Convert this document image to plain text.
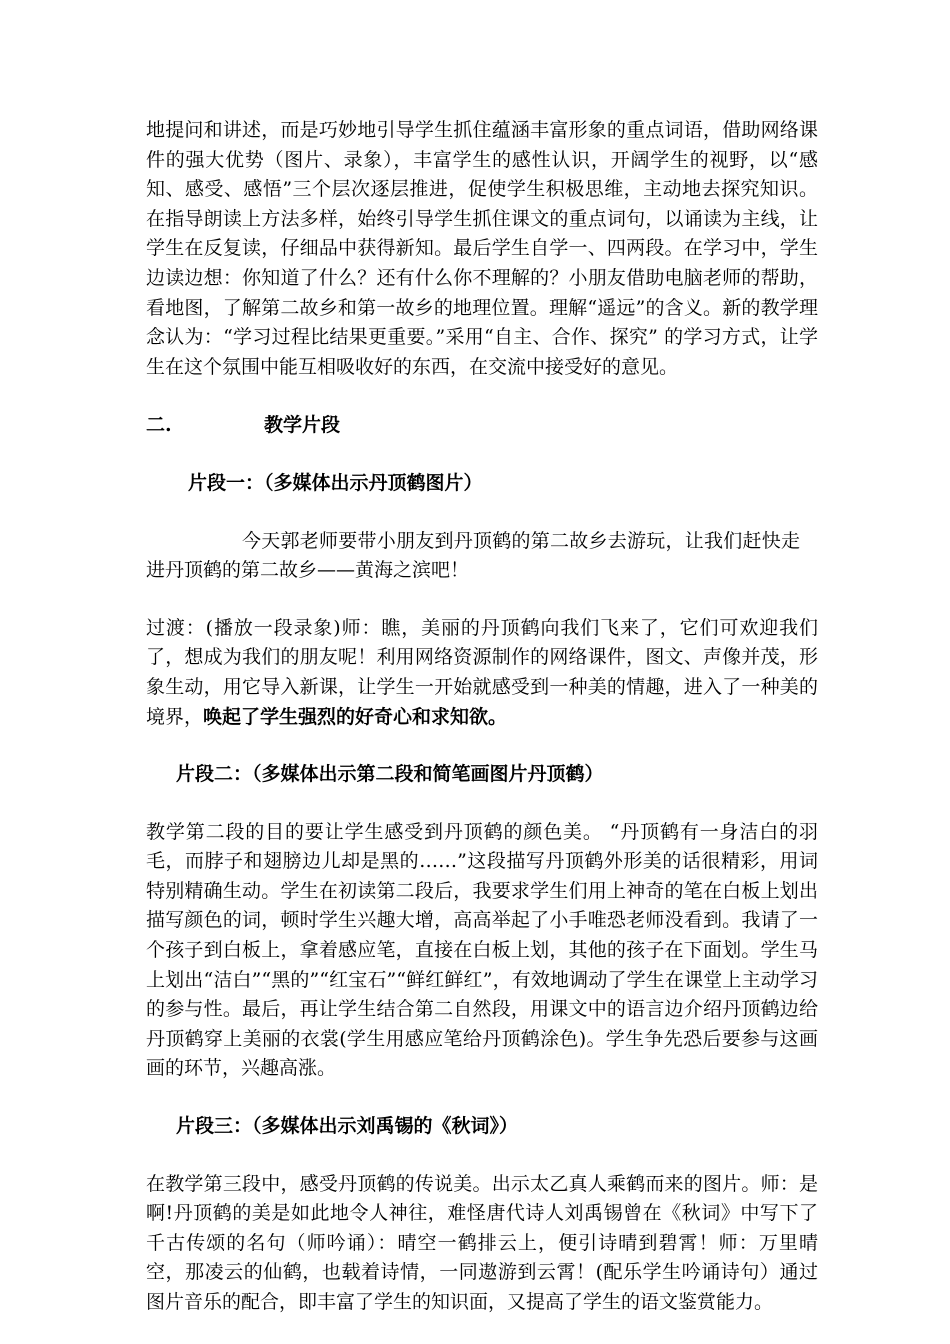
地提问和讲述，而是巧妙地引导学生抓住蕴涵丰富形象的重点词语，借助网络课件的强大优势（图片、录象），丰富学生的感性认识，开阔学生的视野，以“感知、感受、感悟”三个层次逐层推进，促使学生积极思维，主动地去探究知识。在指导朗读上方法多样，始终引导学生抓住课文的重点词句，以诵读为主线，让学生在反复读，仔细品中获得新知。最后学生自学一、四两段。在学习中，学生边读边想：你知道了什么？还有什么你不理解的？小朋友借助电脑老师的帮助，看地图，了解第二故乡和第一故乡的地理位置。理解“遥远”的含义。新的教学理念认为：“学习过程比结果更重要。”采用“自主、合作、探究” 的学习方式，让学生在这个氛围中能互相吸收好的东西，在交流中接受好的意见。

二.	教学片段

片段一：（多媒体出示丹顶鹤图片）

今天郭老师要带小朋友到丹顶鹤的第二故乡去游玩，让我们赶快走进丹顶鹤的第二故乡——黄海之滨吧！

过渡：(播放一段录象)师：瞧，美丽的丹顶鹤向我们飞来了，它们可欢迎我们了，想成为我们的朋友呢！利用网络资源制作的网络课件，图文、声像并茂，形象生动，用它导入新课，让学生一开始就感受到一种美的情趣，进入了一种美的境界，唤起了学生强烈的好奇心和求知欲。

片段二：（多媒体出示第二段和简笔画图片丹顶鹤）

教学第二段的目的要让学生感受到丹顶鹤的颜色美。 “丹顶鹤有一身洁白的羽毛，而脖子和翅膀边儿却是黑的……”这段描写丹顶鹤外形美的话很精彩，用词特别精确生动。学生在初读第二段后，我要求学生们用上神奇的笔在白板上划出描写颜色的词，顿时学生兴趣大增，高高举起了小手唯恐老师没看到。我请了一个孩子到白板上，拿着感应笔，直接在白板上划，其他的孩子在下面划。学生马上划出“洁白”“黑的”“红宝石”“鲜红鲜红”，有效地调动了学生在课堂上主动学习的参与性。最后，再让学生结合第二自然段，用课文中的语言边介绍丹顶鹤边给丹顶鹤穿上美丽的衣裳(学生用感应笔给丹顶鹤涂色)。学生争先恐后要参与这画画的环节，兴趣高涨。

片段三：（多媒体出示刘禹锡的《秋词》）

在教学第三段中，感受丹顶鹤的传说美。出示太乙真人乘鹤而来的图片。师：是啊!丹顶鹤的美是如此地令人神往，难怪唐代诗人刘禹锡曾在《秋词》中写下了千古传颂的名句（师吟诵）：晴空一鹤排云上，便引诗晴到碧霄！师：万里晴空，那凌云的仙鹤，也载着诗情，一同遨游到云霄！(配乐学生吟诵诗句）通过图片音乐的配合，即丰富了学生的知识面，又提高了学生的语文鉴赏能力。
